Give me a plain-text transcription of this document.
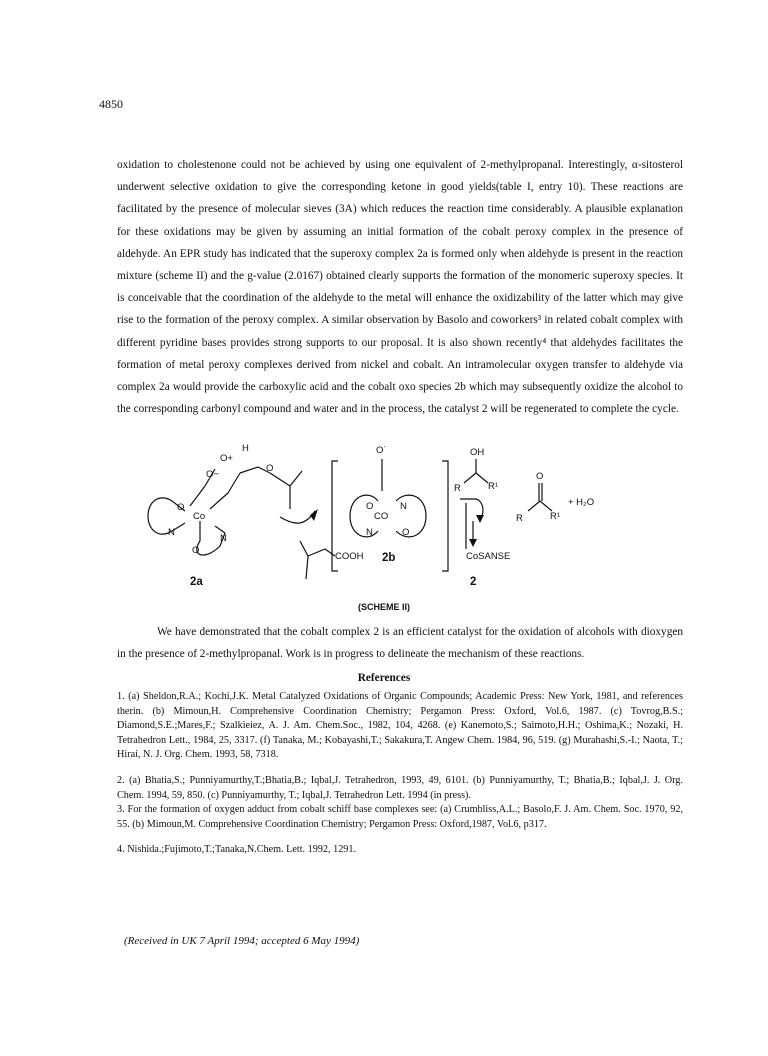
4850

oxidation to cholestenone could not be achieved by using one equivalent of 2-methylpropanal. Interestingly, α-sitosterol underwent selective oxidation to give the corresponding ketone in good yields(table I, entry 10). These reactions are facilitated by the presence of molecular sieves (3A) which reduces the reaction time considerably. A plausible explanation for these oxidations may be given by assuming an initial formation of the cobalt peroxy complex in the presence of aldehyde. An EPR study has indicated that the superoxy complex 2a is formed only when aldehyde is present in the reaction mixture (scheme II) and the g-value (2.0167) obtained clearly supports the formation of the monomeric superoxy species. It is conceivable that the coordination of the aldehyde to the metal will enhance the oxidizability of the latter which may give rise to the formation of the peroxy complex. A similar observation by Basolo and coworkers³ in related cobalt complex with different pyridine bases provides strong supports to our proposal. It is also shown recently⁴ that aldehydes facilitates the formation of metal peroxy complexes derived from nickel and cobalt. An intramolecular oxygen transfer to aldehyde via complex 2a would provide the carboxylic acid and the cobalt oxo species 2b which may subsequently oxidize the alcohol to the corresponding carbonyl compound and water and in the process, the catalyst 2 will be regenerated to complete the cycle.

O
Co
N
N
O
O−
O+
H
O
2a
COOH
O˙
O
CO
N
N	O
2b
OH
R	R¹
CoSANSE
2
O
R	R¹
+ H₂O
(SCHEME II)

We have demonstrated that the cobalt complex 2 is an efficient catalyst for the oxidation of alcohols with dioxygen in the presence of 2-methylpropanal. Work is in progress to delineate the mechanism of these reactions.

References

1. (a) Sheldon,R.A.; Kochi,J.K. Metal Catalyzed Oxidations of Organic Compounds; Academic Press: New York, 1981, and references therin. (b) Mimoun,H. Comprehensive Coordination Chemistry; Pergamon Press: Oxford, Vol.6, 1987. (c) Tovrog,B.S.; Diamond,S.E.;Mares,F.; Szalkieiez, A. J. Am. Chem.Soc., 1982, 104, 4268. (e) Kanemoto,S.; Saimoto,H.H.; Oshima,K.; Nozaki, H. Tetrahedron Lett., 1984, 25, 3317. (f) Tanaka, M.; Kobayashi,T.; Sakakura,T. Angew Chem. 1984, 96, 519. (g) Murahashi,S.-I.; Naota, T.; Hirai, N. J. Org. Chem. 1993, 58, 7318.

2. (a) Bhatia,S.; Punniyamurthy,T.;Bhatia,B.; Iqbal,J. Tetrahedron, 1993, 49, 6101. (b) Punniyamurthy, T.; Bhatia,B.; Iqbal,J. J. Org. Chem. 1994, 59, 850. (c) Punniyamurthy, T.; Iqbal,J. Tetrahedron Lett. 1994 (in press).

3. For the formation of oxygen adduct from cobalt schiff base complexes see: (a) Crumbliss,A.L.; Basolo,F. J. Am. Chem. Soc. 1970, 92, 55. (b) Mimoun,M. Comprehensive Coordination Chemistry; Pergamon Press: Oxford,1987, Vol.6, p317.

4. Nishida.;Fujimoto,T.;Tanaka,N.Chem. Lett. 1992, 1291.

(Received in UK 7 April 1994; accepted 6 May 1994)
